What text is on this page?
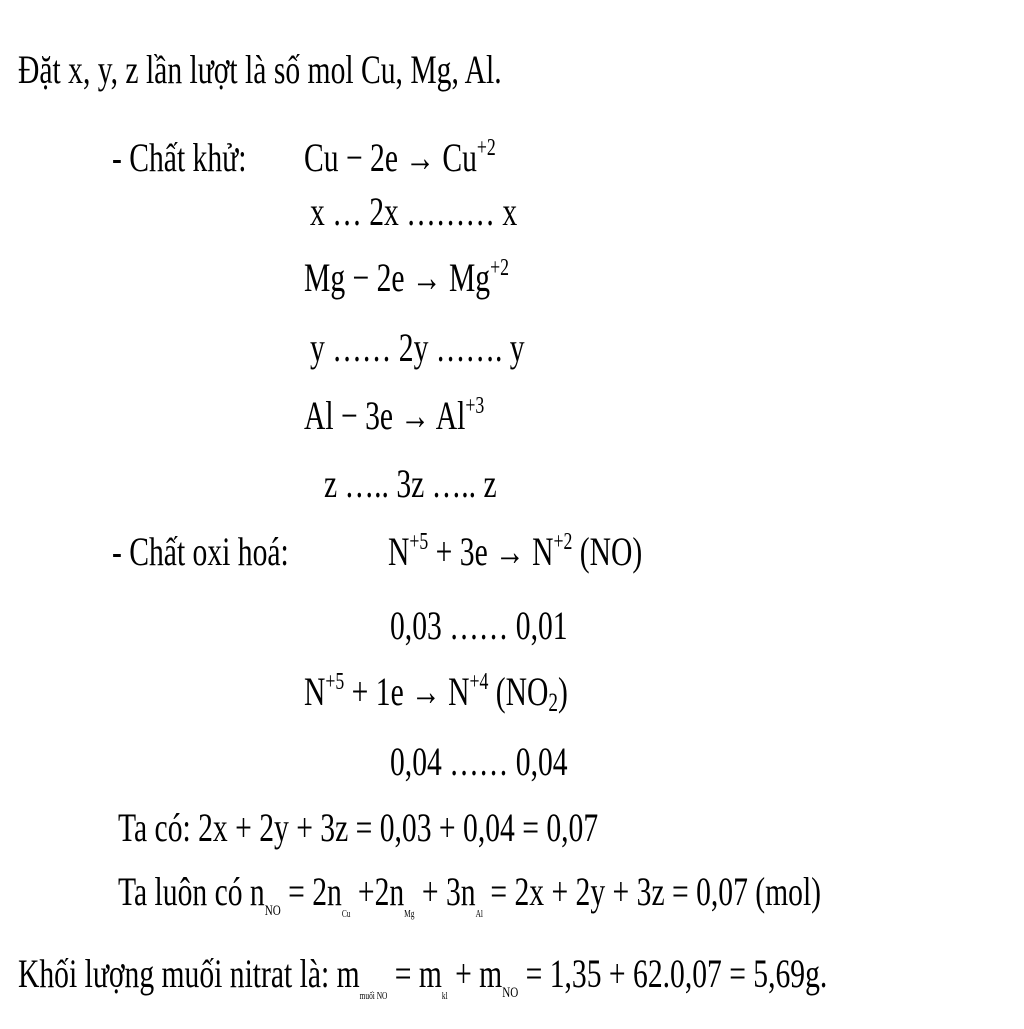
Đặt x, y, z lần lượt là số mol Cu, Mg, Al.
- Chất khử: $Cu - 2e \to Cu^{+2}$
x … 2x ……… x
$Mg - 2e \to Mg^{+2}$
y …… 2y ……. y
$Al - 3e \to Al^{+3}$
z ….. 3z ….. z
- Chất oxi hoá: $N^{+5} + 3e \to N^{+2}$ (NO)
0,03 …… 0,01
$N^{+5} + 1e \to N^{+4}$ (NO2)
0,04 …… 0,04
Ta có: 2x + 2y + 3z = 0,03 + 0,04 = 0,07
Ta luôn có $n_{NO} = 2n_{Cu} +2n_{Mg} + 3n_{Al} = 2x + 2y + 3z = 0,07$ (mol)
Khối lượng muối nitrat là: $m_{muối NO} = m_{kl} + m_{NO} = 1,35 + 62.0,07 = 5,69g$.
